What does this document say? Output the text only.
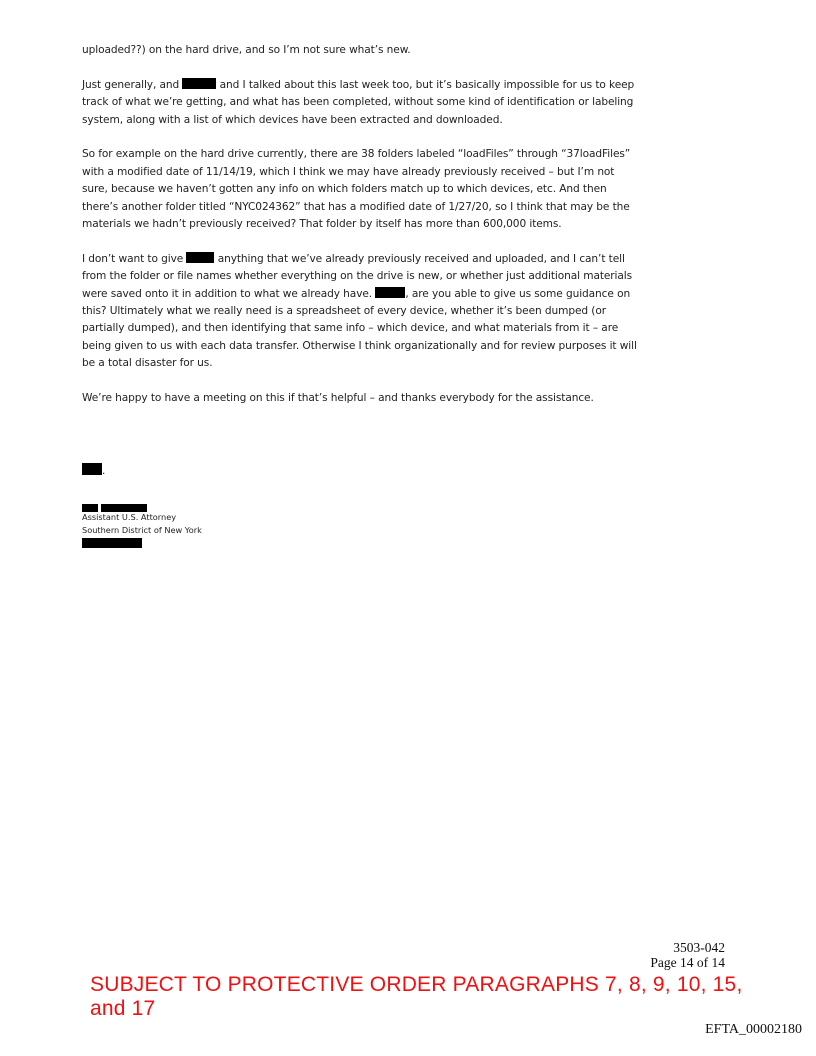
uploaded??) on the hard drive, and so I’m not sure what’s new.

Just generally, and	and I talked about this last week too, but it’s basically impossible for us to keep track of what we’re getting, and what has been completed, without some kind of identification or labeling system, along with a list of which devices have been extracted and downloaded.

So for example on the hard drive currently, there are 38 folders labeled “loadFiles” through “37loadFiles” with a modified date of 11/14/19, which I think we may have already previously received – but I’m not sure, because we haven’t gotten any info on which folders match up to which devices, etc. And then there’s another folder titled “NYC024362” that has a modified date of 1/27/20, so I think that may be the materials we hadn’t previously received? That folder by itself has more than 600,000 items.

I don’t want to give	anything that we’ve already previously received and uploaded, and I can’t tell from the folder or file names whether everything on the drive is new, or whether just additional materials were saved onto it in addition to what we already have.	, are you able to give us some guidance on this? Ultimately what we really need is a spreadsheet of every device, whether it’s been dumped (or partially dumped), and then identifying that same info – which device, and what materials from it – are being given to us with each data transfer. Otherwise I think organizationally and for review purposes it will be a total disaster for us.

We’re happy to have a meeting on this if that’s helpful – and thanks everybody for the assistance.

.

Assistant U.S. Attorney
Southern District of New York
3503-042
Page 14 of 14
SUBJECT TO PROTECTIVE ORDER PARAGRAPHS 7, 8, 9, 10, 15, and 17
EFTA_00002180
